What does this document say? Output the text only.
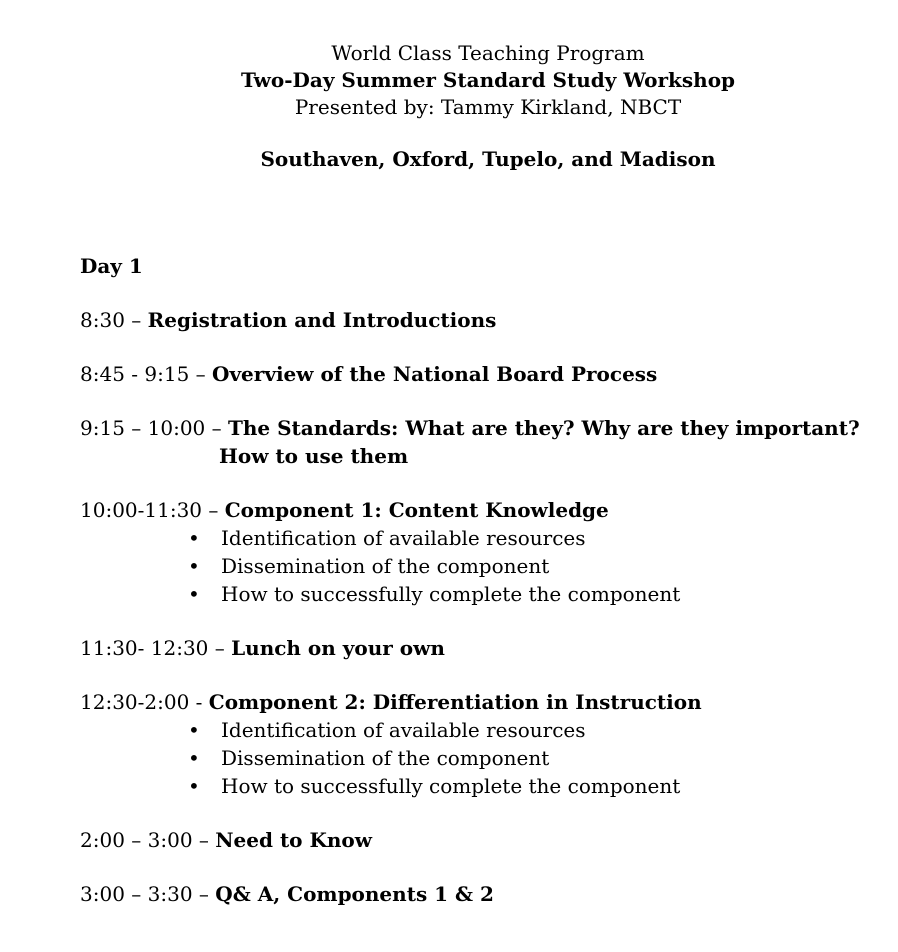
World Class Teaching Program
Two-Day Summer Standard Study Workshop
Presented by: Tammy Kirkland, NBCT
Southaven, Oxford, Tupelo, and Madison
Day 1
8:30 – Registration and Introductions
8:45 - 9:15 – Overview of the National Board Process
9:15 – 10:00 – The Standards: What are they? Why are they important?
How to use them
10:00-11:30 – Component 1: Content Knowledge
•	Identification of available resources
•	Dissemination of the component
•	How to successfully complete the component
11:30- 12:30 – Lunch on your own
12:30-2:00 - Component 2: Differentiation in Instruction
•	Identification of available resources
•	Dissemination of the component
•	How to successfully complete the component
2:00 – 3:00 – Need to Know
3:00 – 3:30 – Q& A, Components 1 & 2
